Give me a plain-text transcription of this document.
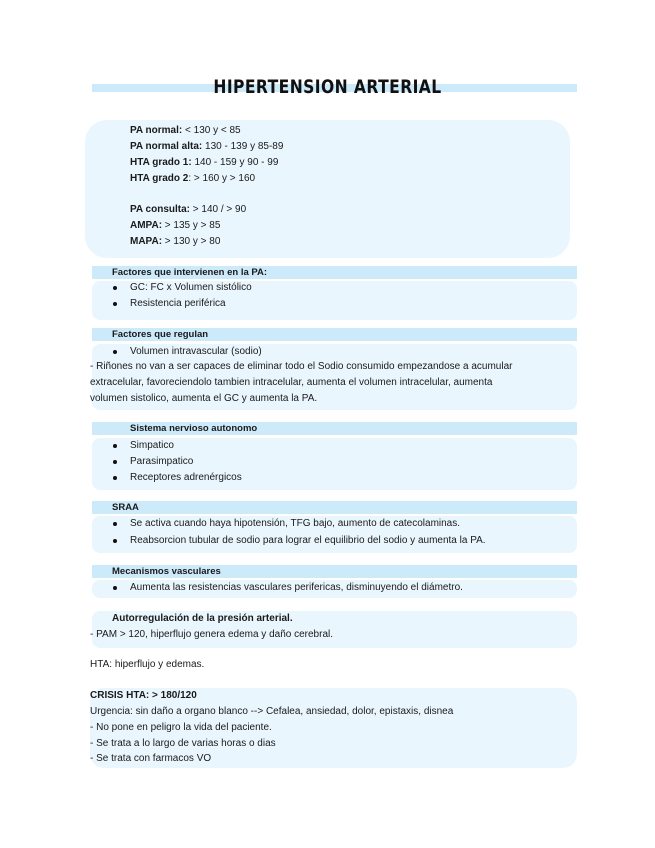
HIPERTENSION ARTERIAL
PA normal: < 130 y < 85
PA normal alta: 130 - 139 y 85-89
HTA grado 1: 140 - 159 y 90 - 99
HTA grado 2: > 160 y > 160
PA consulta: > 140 / > 90
AMPA: > 135 y > 85
MAPA: > 130 y > 80
Factores que intervienen en la PA:
GC: FC x Volumen sistólico
Resistencia periférica
Factores que regulan
Volumen intravascular (sodio)
- Riñones no van a ser capaces de eliminar todo el Sodio consumido empezandose a acumular
extracelular, favoreciendolo tambien intracelular, aumenta el volumen intracelular, aumenta
volumen sistolico, aumenta el GC y aumenta la PA.
Sistema nervioso autonomo
Simpatico
Parasimpatico
Receptores adrenérgicos
SRAA
Se activa cuando haya hipotensión, TFG bajo, aumento de catecolaminas.
Reabsorcion tubular de sodio para lograr el equilibrio del sodio y aumenta la PA.
Mecanismos vasculares
Aumenta las resistencias vasculares perifericas, disminuyendo el diámetro.
Autorregulación de la presión arterial.
- PAM > 120, hiperflujo genera edema y daño cerebral.
HTA: hiperflujo y edemas.
CRISIS HTA: > 180/120
Urgencia: sin daño a organo blanco --> Cefalea, ansiedad, dolor, epistaxis, disnea
- No pone en peligro la vida del paciente.
- Se trata a lo largo de varias horas o dias
- Se trata con farmacos VO
